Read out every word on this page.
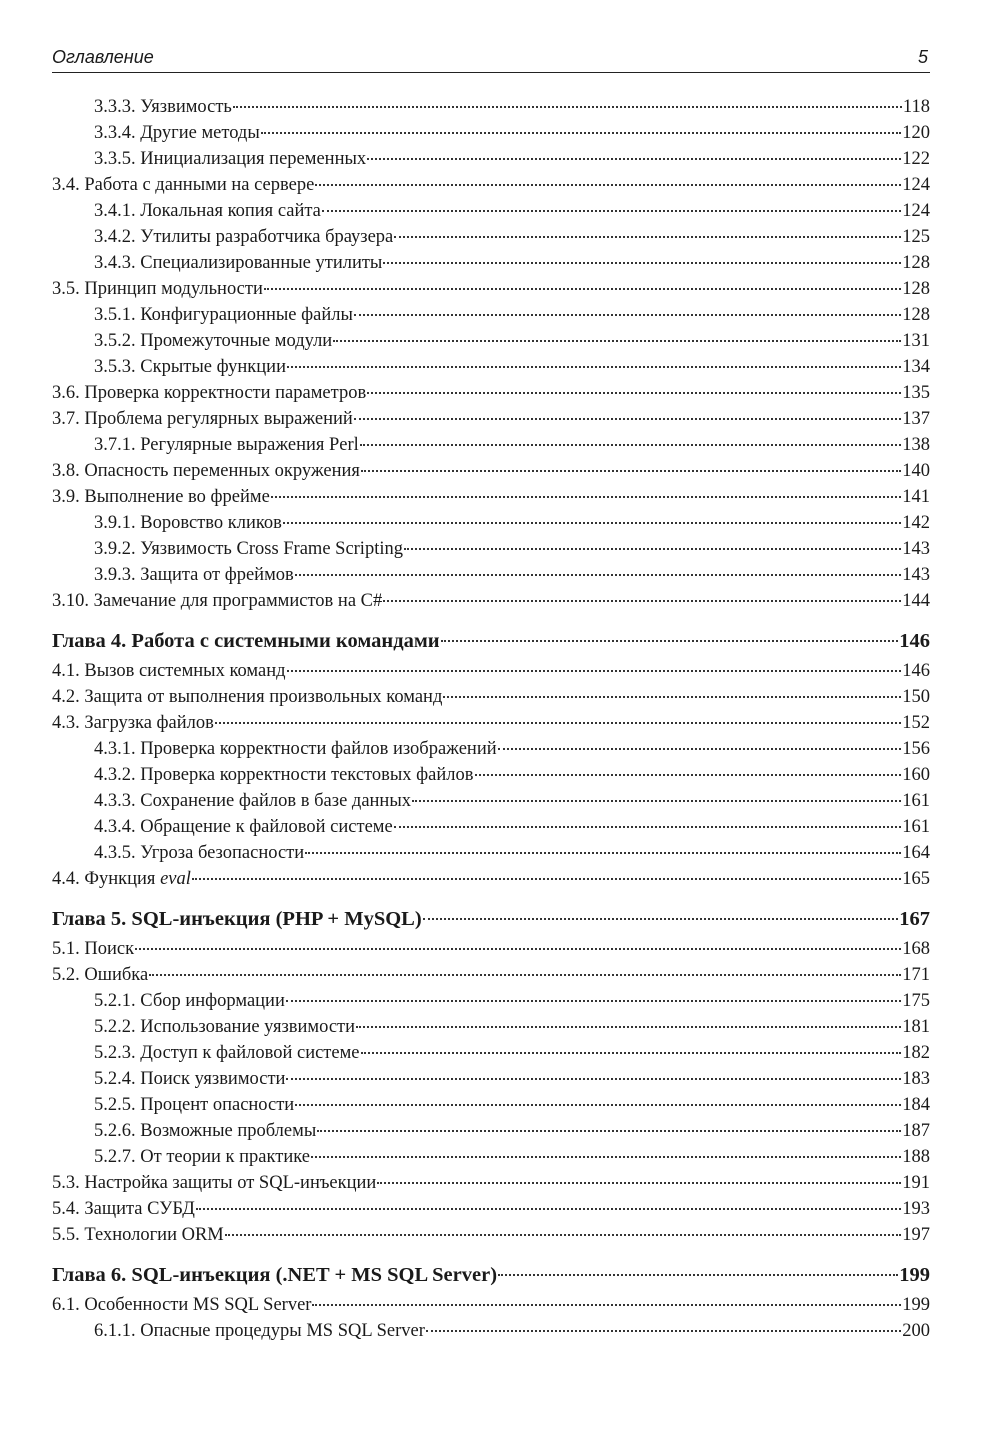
Оглавление	5
3.3.3. Уязвимость	118
3.3.4. Другие методы	120
3.3.5. Инициализация переменных	122
3.4. Работа с данными на сервере	124
3.4.1. Локальная копия сайта	124
3.4.2. Утилиты разработчика браузера	125
3.4.3. Специализированные утилиты	128
3.5. Принцип модульности	128
3.5.1. Конфигурационные файлы	128
3.5.2. Промежуточные модули	131
3.5.3. Скрытые функции	134
3.6. Проверка корректности параметров	135
3.7. Проблема регулярных выражений	137
3.7.1. Регулярные выражения Perl	138
3.8. Опасность переменных окружения	140
3.9. Выполнение во фрейме	141
3.9.1. Воровство кликов	142
3.9.2. Уязвимость Cross Frame Scripting	143
3.9.3. Защита от фреймов	143
3.10. Замечание для программистов на C#	144
Глава 4. Работа с системными командами	146
4.1. Вызов системных команд	146
4.2. Защита от выполнения произвольных команд	150
4.3. Загрузка файлов	152
4.3.1. Проверка корректности файлов изображений	156
4.3.2. Проверка корректности текстовых файлов	160
4.3.3. Сохранение файлов в базе данных	161
4.3.4. Обращение к файловой системе	161
4.3.5. Угроза безопасности	164
4.4. Функция eval	165
Глава 5. SQL-инъекция (PHP + MySQL)	167
5.1. Поиск	168
5.2. Ошибка	171
5.2.1. Сбор информации	175
5.2.2. Использование уязвимости	181
5.2.3. Доступ к файловой системе	182
5.2.4. Поиск уязвимости	183
5.2.5. Процент опасности	184
5.2.6. Возможные проблемы	187
5.2.7. От теории к практике	188
5.3. Настройка защиты от SQL-инъекции	191
5.4. Защита СУБД	193
5.5. Технологии ORM	197
Глава 6. SQL-инъекция (.NET + MS SQL Server)	199
6.1. Особенности MS SQL Server	199
6.1.1. Опасные процедуры MS SQL Server	200
